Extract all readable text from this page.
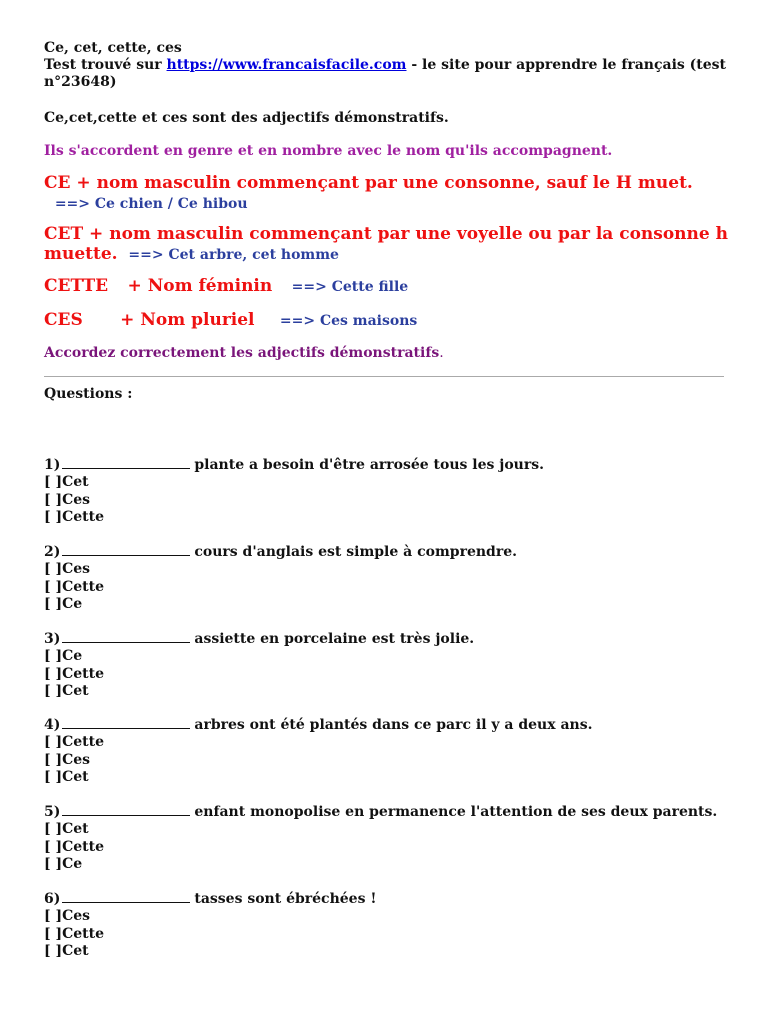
Ce, cet, cette, ces
Test trouvé sur https://www.francaisfacile.com - le site pour apprendre le français (test n°23648)
Ce,cet,cette et ces sont des adjectifs démonstratifs.
Ils s'accordent en genre et en nombre avec le nom qu'ils accompagnent.
CE + nom masculin commençant par une consonne, sauf le H muet.   ==> Ce chien / Ce hibou
CET + nom masculin commençant par une voyelle ou par la consonne h muette. ==> Cet arbre, cet homme
CETTE + Nom féminin ==> Cette fille
CES + Nom pluriel ==> Ces maisons
Accordez correctement les adjectifs démonstratifs.
Questions :
1)	plante a besoin d'être arrosée tous les jours.
[ ]Cet
[ ]Ces
[ ]Cette
2)	cours d'anglais est simple à comprendre.
[ ]Ces
[ ]Cette
[ ]Ce
3)	assiette en porcelaine est très jolie.
[ ]Ce
[ ]Cette
[ ]Cet
4)	arbres ont été plantés dans ce parc il y a deux ans.
[ ]Cette
[ ]Ces
[ ]Cet
5)	enfant monopolise en permanence l'attention de ses deux parents.
[ ]Cet
[ ]Cette
[ ]Ce
6)	tasses sont ébréchées !
[ ]Ces
[ ]Cette
[ ]Cet
